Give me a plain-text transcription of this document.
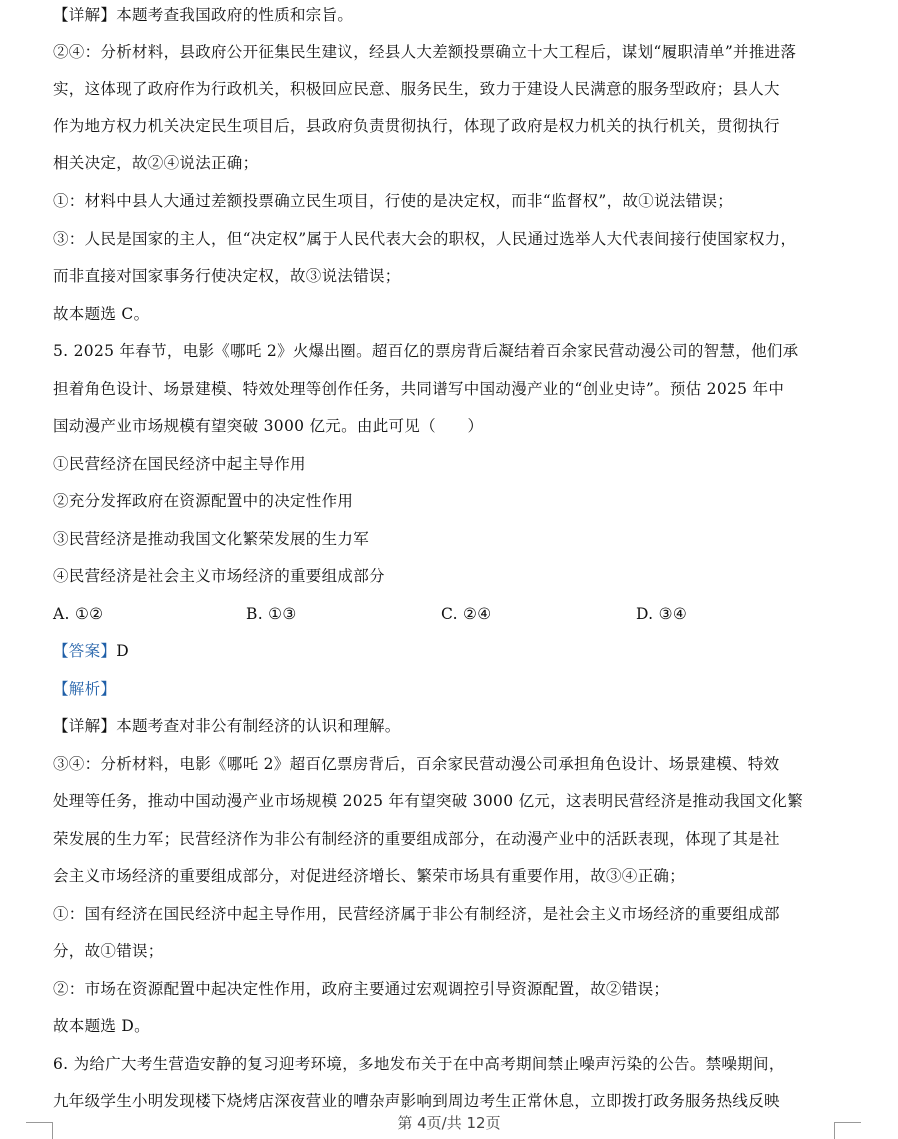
【详解】本题考查我国政府的性质和宗旨。
②④：分析材料，县政府公开征集民生建议，经县人大差额投票确立十大工程后，谋划“履职清单”并推进落
实，这体现了政府作为行政机关，积极回应民意、服务民生，致力于建设人民满意的服务型政府；县人大
作为地方权力机关决定民生项目后，县政府负责贯彻执行，体现了政府是权力机关的执行机关，贯彻执行
相关决定，故②④说法正确；
①：材料中县人大通过差额投票确立民生项目，行使的是决定权，而非“监督权”，故①说法错误；
③：人民是国家的主人，但“决定权”属于人民代表大会的职权，人民通过选举人大代表间接行使国家权力，
而非直接对国家事务行使决定权，故③说法错误；
故本题选 C。
5. 2025 年春节，电影《哪吒 2》火爆出圈。超百亿的票房背后凝结着百余家民营动漫公司的智慧，他们承
担着角色设计、场景建模、特效处理等创作任务，共同谱写中国动漫产业的“创业史诗”。预估 2025 年中
国动漫产业市场规模有望突破 3000 亿元。由此可见（　　）
①民营经济在国民经济中起主导作用
②充分发挥政府在资源配置中的决定性作用
③民营经济是推动我国文化繁荣发展的生力军
④民营经济是社会主义市场经济的重要组成部分
A. ①②	B. ①③	C. ②④	D. ③④
【答案】D
【解析】
【详解】本题考查对非公有制经济的认识和理解。
③④：分析材料，电影《哪吒 2》超百亿票房背后，百余家民营动漫公司承担角色设计、场景建模、特效
处理等任务，推动中国动漫产业市场规模 2025 年有望突破 3000 亿元，这表明民营经济是推动我国文化繁
荣发展的生力军；民营经济作为非公有制经济的重要组成部分，在动漫产业中的活跃表现，体现了其是社
会主义市场经济的重要组成部分，对促进经济增长、繁荣市场具有重要作用，故③④正确；
①：国有经济在国民经济中起主导作用，民营经济属于非公有制经济，是社会主义市场经济的重要组成部
分，故①错误；
②：市场在资源配置中起决定性作用，政府主要通过宏观调控引导资源配置，故②错误；
故本题选 D。
6. 为给广大考生营造安静的复习迎考环境，多地发布关于在中高考期间禁止噪声污染的公告。禁噪期间，
九年级学生小明发现楼下烧烤店深夜营业的嘈杂声影响到周边考生正常休息，立即拨打政务服务热线反映
第 4页/共 12页
